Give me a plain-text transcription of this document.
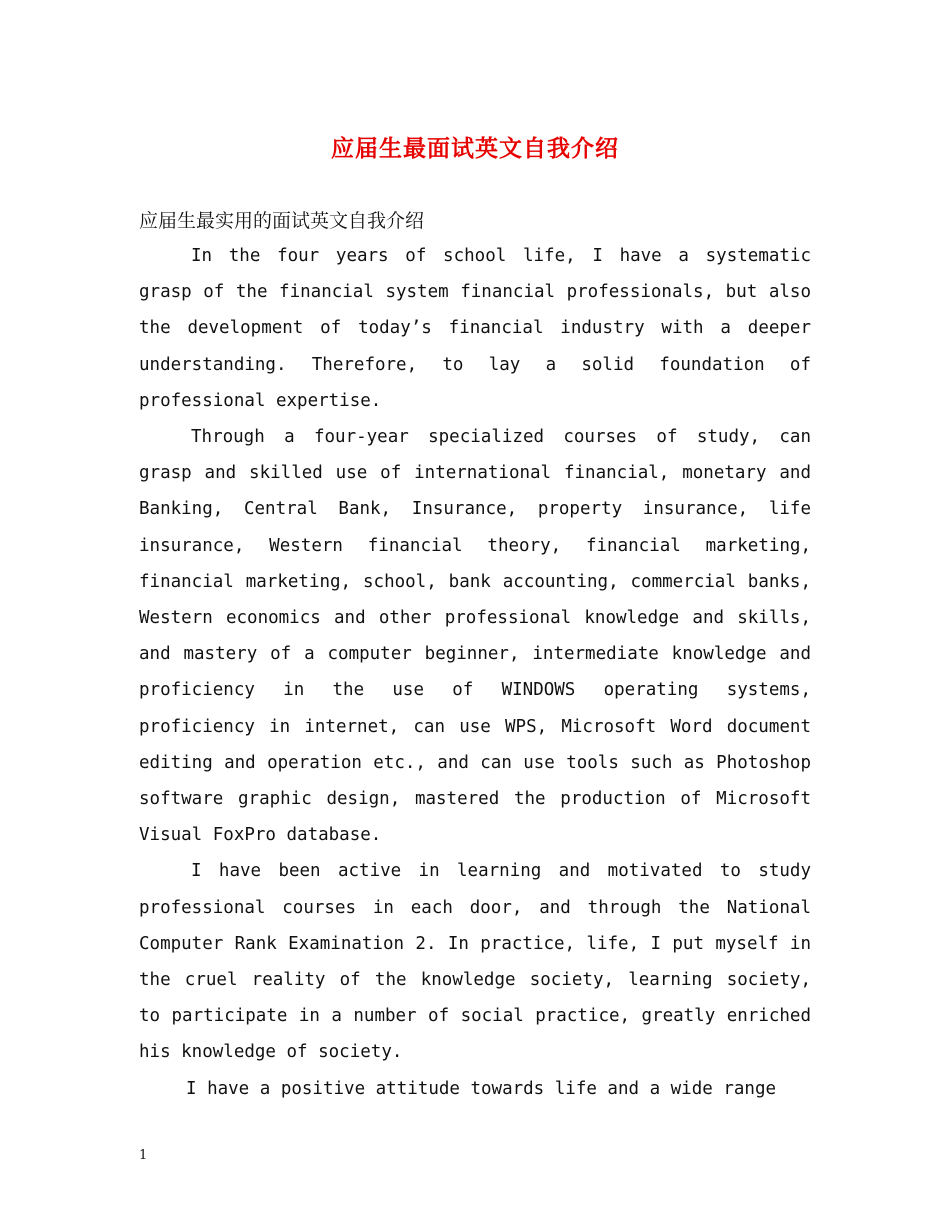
应届生最面试英文自我介绍
应届生最实用的面试英文自我介绍

In the four years of school life, I have a systematic grasp of the financial system financial professionals, but also the development of today’s financial industry with a deeper understanding. Therefore, to lay a solid foundation of professional expertise.

Through a four-year specialized courses of study, can grasp and skilled use of international financial, monetary and Banking, Central Bank, Insurance, property insurance, life insurance, Western financial theory, financial marketing, financial marketing, school, bank accounting, commercial banks, Western economics and other professional knowledge and skills, and mastery of a computer beginner, intermediate knowledge and proficiency in the use of WINDOWS operating systems, proficiency in internet, can use WPS, Microsoft Word document editing and operation etc., and can use tools such as Photoshop software graphic design, mastered the production of Microsoft Visual FoxPro database.

I have been active in learning and motivated to study professional courses in each door, and through the National Computer Rank Examination 2. In practice, life, I put myself in the cruel reality of the knowledge society, learning society, to participate in a number of social practice, greatly enriched his knowledge of society.

I have a positive attitude towards life and a wide range

1
